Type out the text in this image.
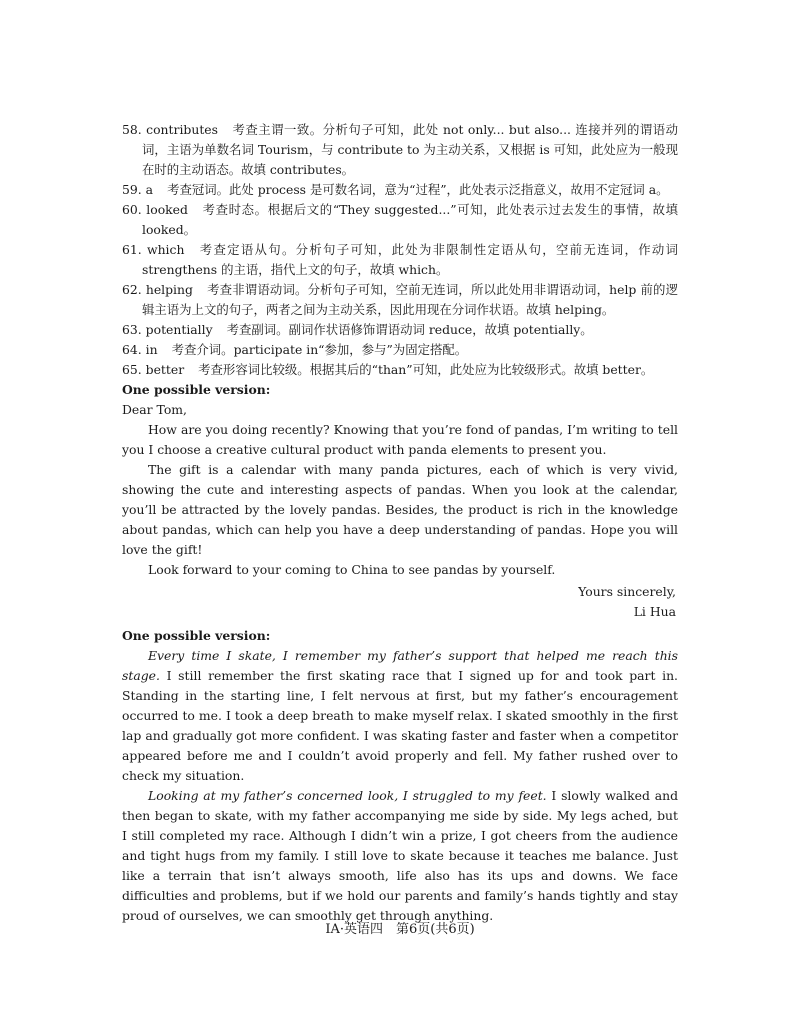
58. contributes 考查主谓一致。分析句子可知，此处 not only... but also... 连接并列的谓语动词，主语为单数名词 Tourism，与 contribute to 为主动关系，又根据 is 可知，此处应为一般现在时的主动语态。故填 contributes。
59. a 考查冠词。此处 process 是可数名词，意为“过程”，此处表示泛指意义，故用不定冠词 a。
60. looked 考查时态。根据后文的“They suggested...”可知，此处表示过去发生的事情，故填 looked。
61. which 考查定语从句。分析句子可知，此处为非限制性定语从句，空前无连词，作动词 strengthens 的主语，指代上文的句子，故填 which。
62. helping 考查非谓语动词。分析句子可知，空前无连词，所以此处用非谓语动词，help 前的逻辑主语为上文的句子，两者之间为主动关系，因此用现在分词作状语。故填 helping。
63. potentially 考查副词。副词作状语修饰谓语动词 reduce，故填 potentially。
64. in 考查介词。participate in“参加，参与”为固定搭配。
65. better 考查形容词比较级。根据其后的“than”可知，此处应为比较级形式。故填 better。
One possible version:

Dear Tom,

How are you doing recently? Knowing that you’re fond of pandas, I’m writing to tell you I choose a creative cultural product with panda elements to present you.

The gift is a calendar with many panda pictures, each of which is very vivid, showing the cute and interesting aspects of pandas. When you look at the calendar, you’ll be attracted by the lovely pandas. Besides, the product is rich in the knowledge about pandas, which can help you have a deep understanding of pandas. Hope you will love the gift!

Look forward to your coming to China to see pandas by yourself.

Yours sincerely,

Li Hua

One possible version:

Every time I skate, I remember my father’s support that helped me reach this stage. I still remember the first skating race that I signed up for and took part in. Standing in the starting line, I felt nervous at first, but my father’s encouragement occurred to me. I took a deep breath to make myself relax. I skated smoothly in the first lap and gradually got more confident. I was skating faster and faster when a competitor appeared before me and I couldn’t avoid properly and fell. My father rushed over to check my situation.

Looking at my father’s concerned look, I struggled to my feet. I slowly walked and then began to skate, with my father accompanying me side by side. My legs ached, but I still completed my race. Although I didn’t win a prize, I got cheers from the audience and tight hugs from my family. I still love to skate because it teaches me balance. Just like a terrain that isn’t always smooth, life also has its ups and downs. We face difficulties and problems, but if we hold our parents and family’s hands tightly and stay proud of ourselves, we can smoothly get through anything.

ⅠA·英语四　第6页(共6页)
